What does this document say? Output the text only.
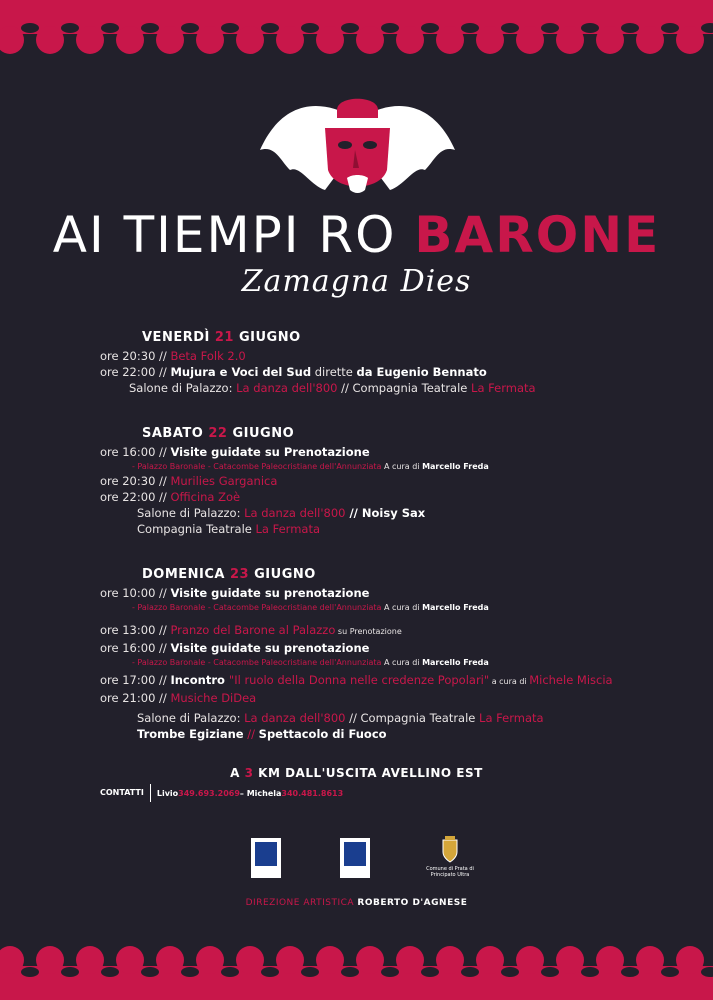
AI TIEMPI RO BARONE
Zamagna Dies
VENERDÌ 21 GIUGNO
ore 20:30 // Beta Folk 2.0
ore 22:00 // Mujura e Voci del Sud dirette da Eugenio Bennato
Salone di Palazzo: La danza dell'800 // Compagnia Teatrale La Fermata
SABATO 22 GIUGNO
ore 16:00 // Visite guidate su Prenotazione
- Palazzo Baronale - Catacombe Paleocristiane dell'Annunziata A cura di Marcello Freda
ore 20:30 // Murilies Garganica
ore 22:00 // Officina Zoè
Salone di Palazzo: La danza dell'800 // Noisy Sax
Compagnia Teatrale La Fermata
DOMENICA 23 GIUGNO
ore 10:00 // Visite guidate su prenotazione
- Palazzo Baronale - Catacombe Paleocristiane dell'Annunziata A cura di Marcello Freda
ore 13:00 // Pranzo del Barone al Palazzo su Prenotazione
ore 16:00 // Visite guidate su prenotazione
- Palazzo Baronale - Catacombe Paleocristiane dell'Annunziata A cura di Marcello Freda
ore 17:00 // Incontro "Il ruolo della Donna nelle credenze Popolari" a cura di Michele Miscia
ore 21:00 // Musiche DiDea
Salone di Palazzo: La danza dell'800 // Compagnia Teatrale La Fermata
Trombe Egiziane // Spettacolo di Fuoco
A 3 KM DALL'USCITA AVELLINO EST
CONTATTI	Livio 349.693.2069 – Michela 340.481.8613
Comune di Prata di Principato Ultra
DIREZIONE ARTISTICA ROBERTO D'AGNESE
